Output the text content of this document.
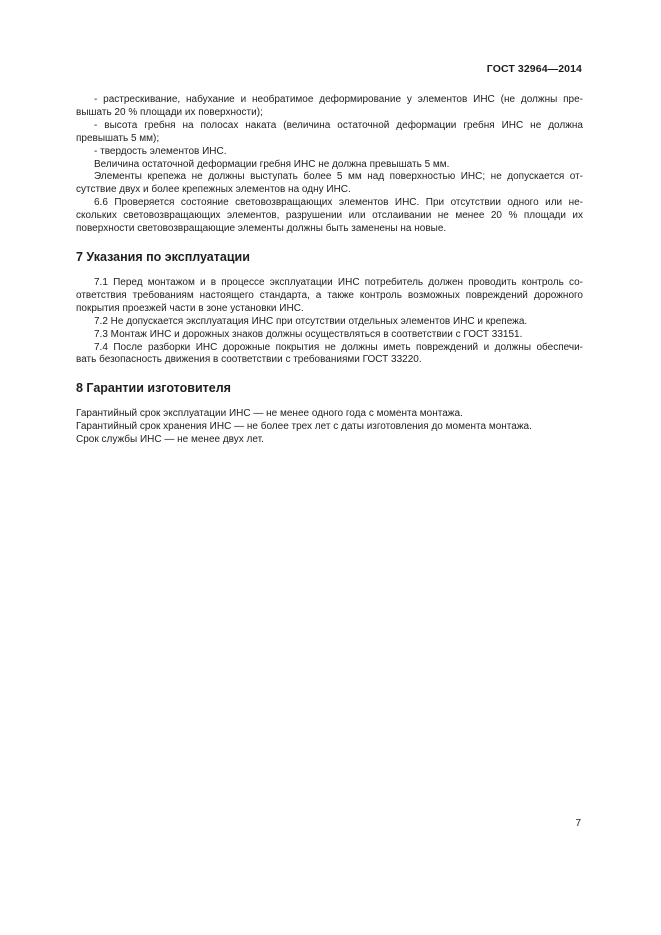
ГОСТ 32964—2014
- растрескивание, набухание и необратимое деформирование у элементов ИНС (не должны пре-
вышать 20 % площади их поверхности);
- высота гребня на полосах наката (величина остаточной деформации гребня ИНС не должна
превышать 5 мм);
- твердость элементов ИНС.
Величина остаточной деформации гребня ИНС не должна превышать 5 мм.
Элементы крепежа не должны выступать более 5 мм над поверхностью ИНС; не допускается от-
сутствие двух и более крепежных элементов на одну ИНС.
6.6 Проверяется состояние световозвращающих элементов ИНС. При отсутствии одного или не-
скольких световозвращающих элементов, разрушении или отслаивании не менее 20 % площади их
поверхности световозвращающие элементы должны быть заменены на новые.
7 Указания по эксплуатации
7.1 Перед монтажом и в процессе эксплуатации ИНС потребитель должен проводить контроль со-
ответствия требованиям настоящего стандарта, а также контроль возможных повреждений дорожного
покрытия проезжей части в зоне установки ИНС.
7.2 Не допускается эксплуатация ИНС при отсутствии отдельных элементов ИНС и крепежа.
7.3 Монтаж ИНС и дорожных знаков должны осуществляться в соответствии с ГОСТ 33151.
7.4 После разборки ИНС дорожные покрытия не должны иметь повреждений и должны обеспечи-
вать безопасность движения в соответствии с требованиями ГОСТ 33220.
8 Гарантии изготовителя
Гарантийный срок эксплуатации ИНС — не менее одного года с момента монтажа.
Гарантийный срок хранения ИНС — не более трех лет с даты изготовления до момента монтажа.
Срок службы ИНС — не менее двух лет.
7
